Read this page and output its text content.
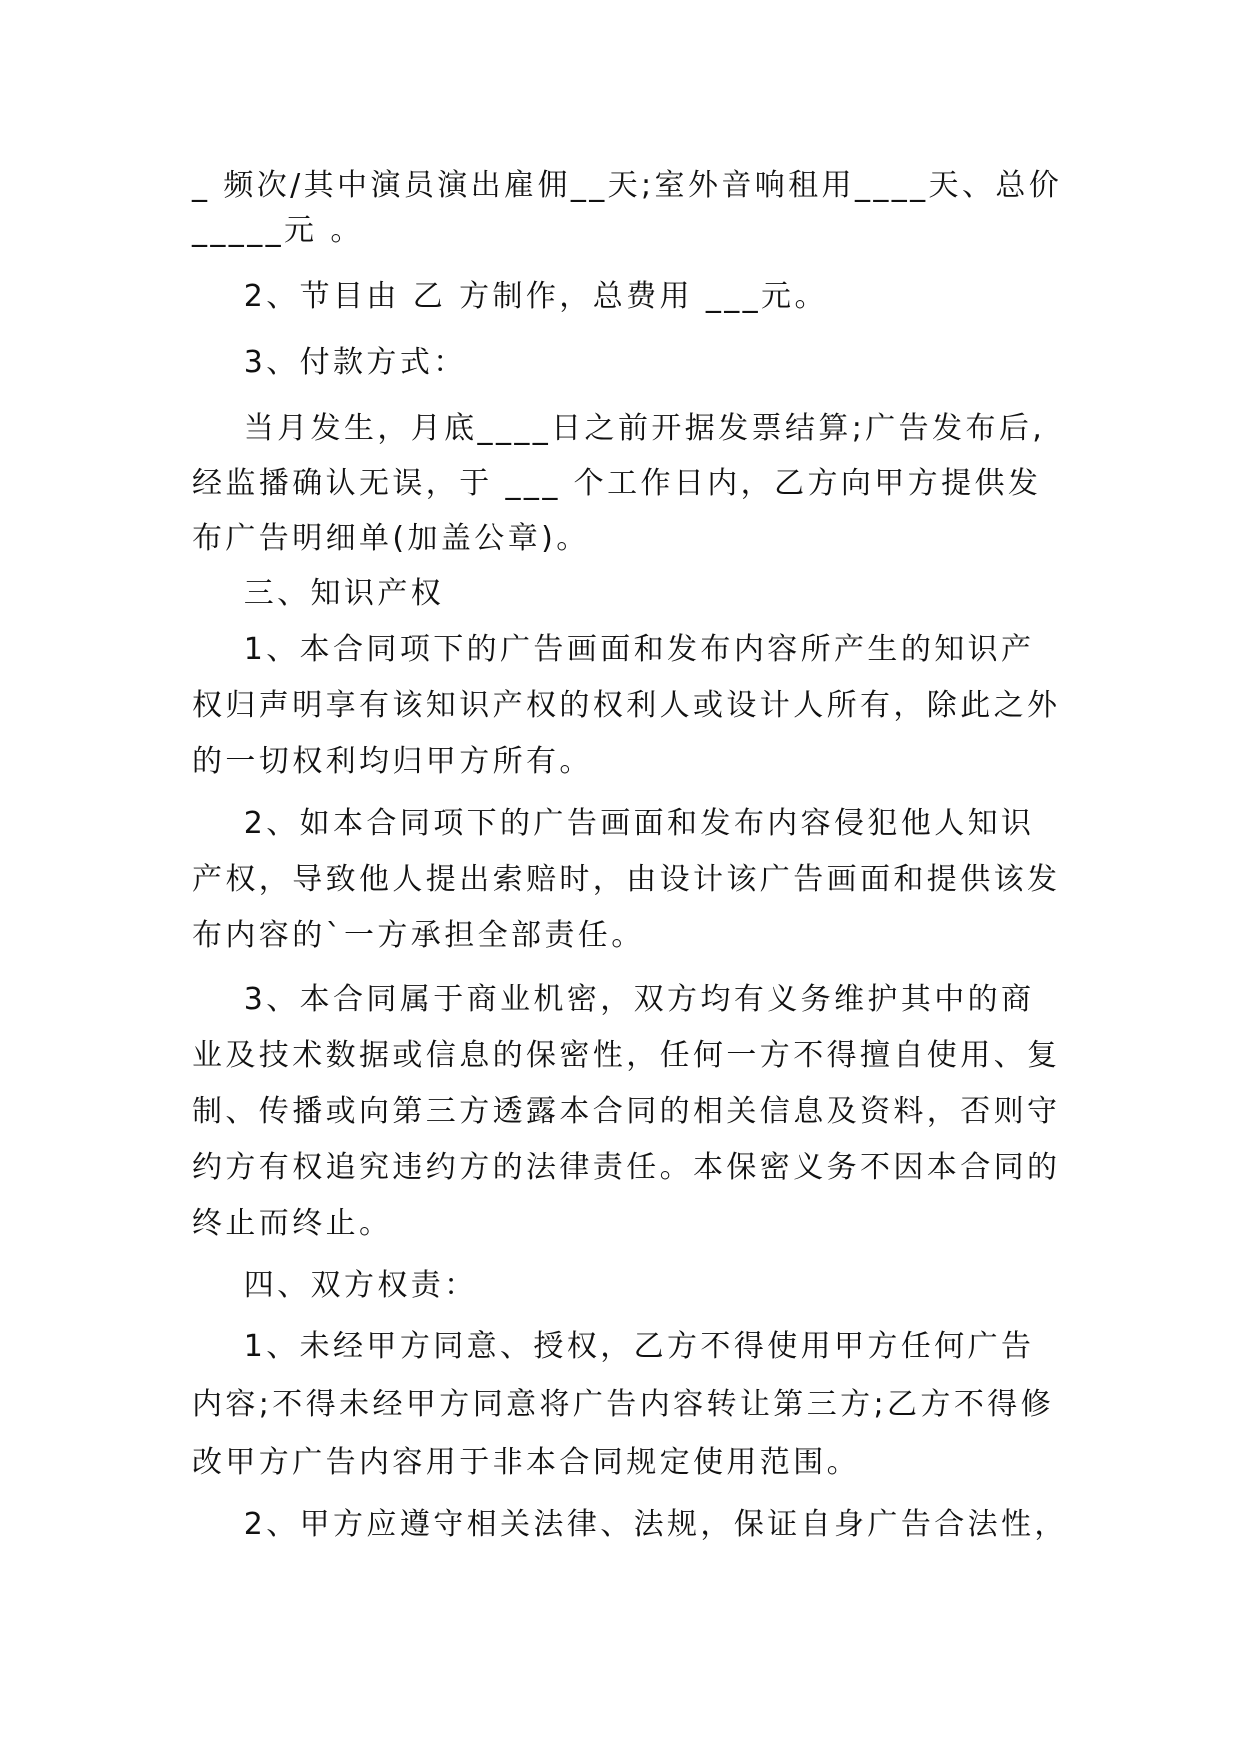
_ 频次/其中演员演出雇佣__天;室外音响租用____天、总价
_____元 。
2、节目由 乙 方制作，总费用 ___元。
3、付款方式：
当月发生，月底____日之前开据发票结算;广告发布后,
经监播确认无误，于 ___ 个工作日内，乙方向甲方提供发
布广告明细单(加盖公章)。
三、知识产权
1、本合同项下的广告画面和发布内容所产生的知识产
权归声明享有该知识产权的权利人或设计人所有，除此之外
的一切权利均归甲方所有。
2、如本合同项下的广告画面和发布内容侵犯他人知识
产权，导致他人提出索赔时，由设计该广告画面和提供该发
布内容的`一方承担全部责任。
3、本合同属于商业机密，双方均有义务维护其中的商
业及技术数据或信息的保密性，任何一方不得擅自使用、复
制、传播或向第三方透露本合同的相关信息及资料，否则守
约方有权追究违约方的法律责任。本保密义务不因本合同的
终止而终止。
四、双方权责：
1、未经甲方同意、授权，乙方不得使用甲方任何广告
内容;不得未经甲方同意将广告内容转让第三方;乙方不得修
改甲方广告内容用于非本合同规定使用范围。
2、甲方应遵守相关法律、法规，保证自身广告合法性，
